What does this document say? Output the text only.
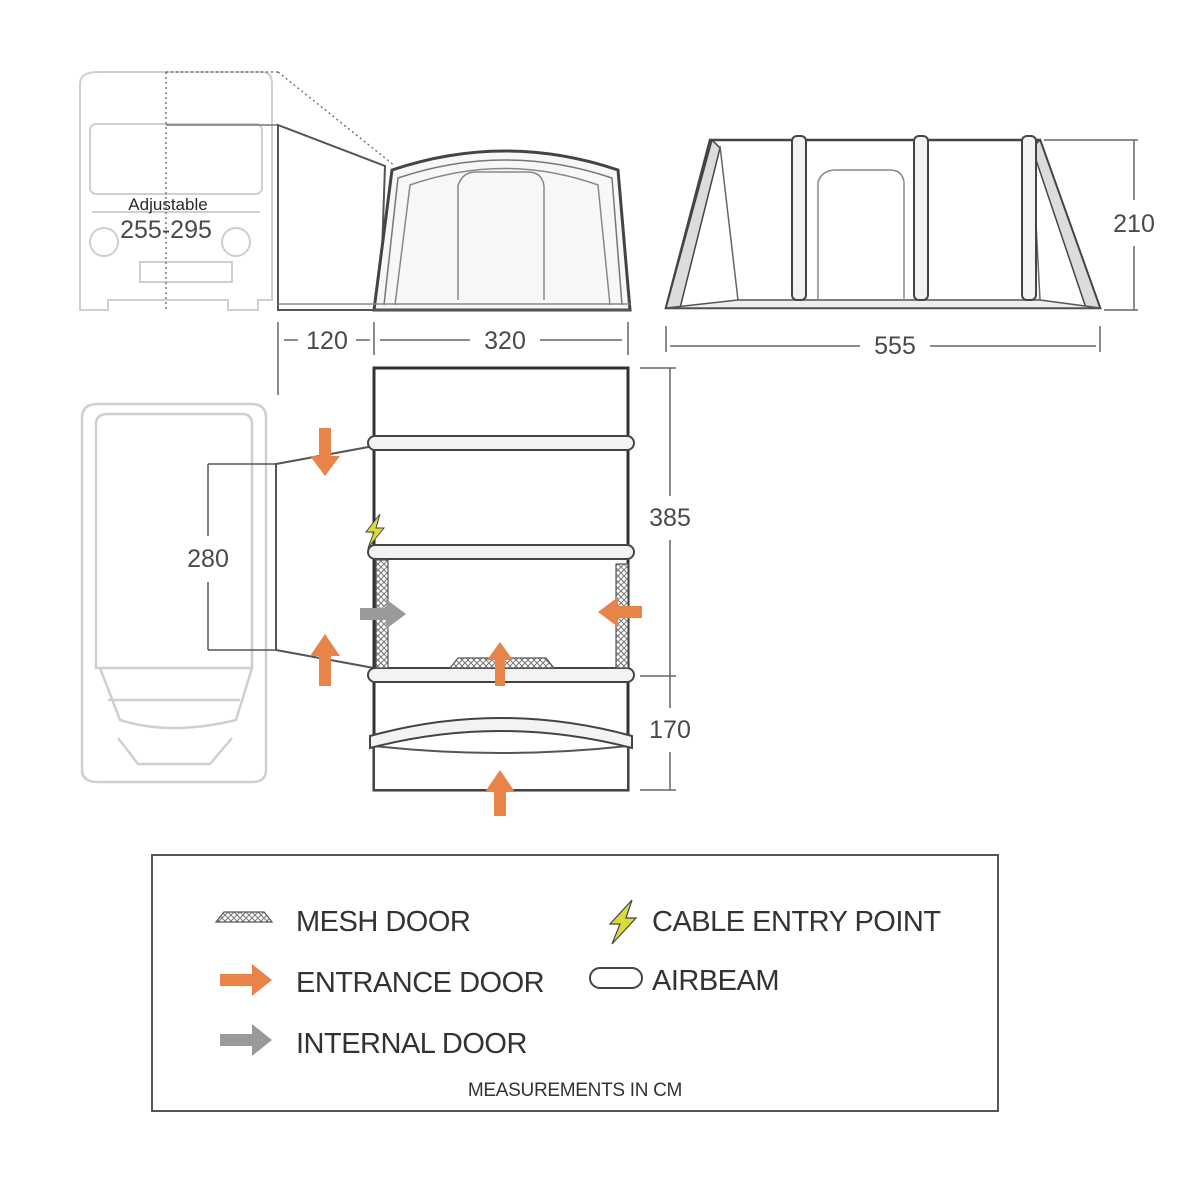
Adjustable
255-295
120	320
210
555
280
385
170
MESH DOOR	CABLE ENTRY POINT
ENTRANCE DOOR	AIRBEAM
INTERNAL DOOR
MEASUREMENTS IN CM
